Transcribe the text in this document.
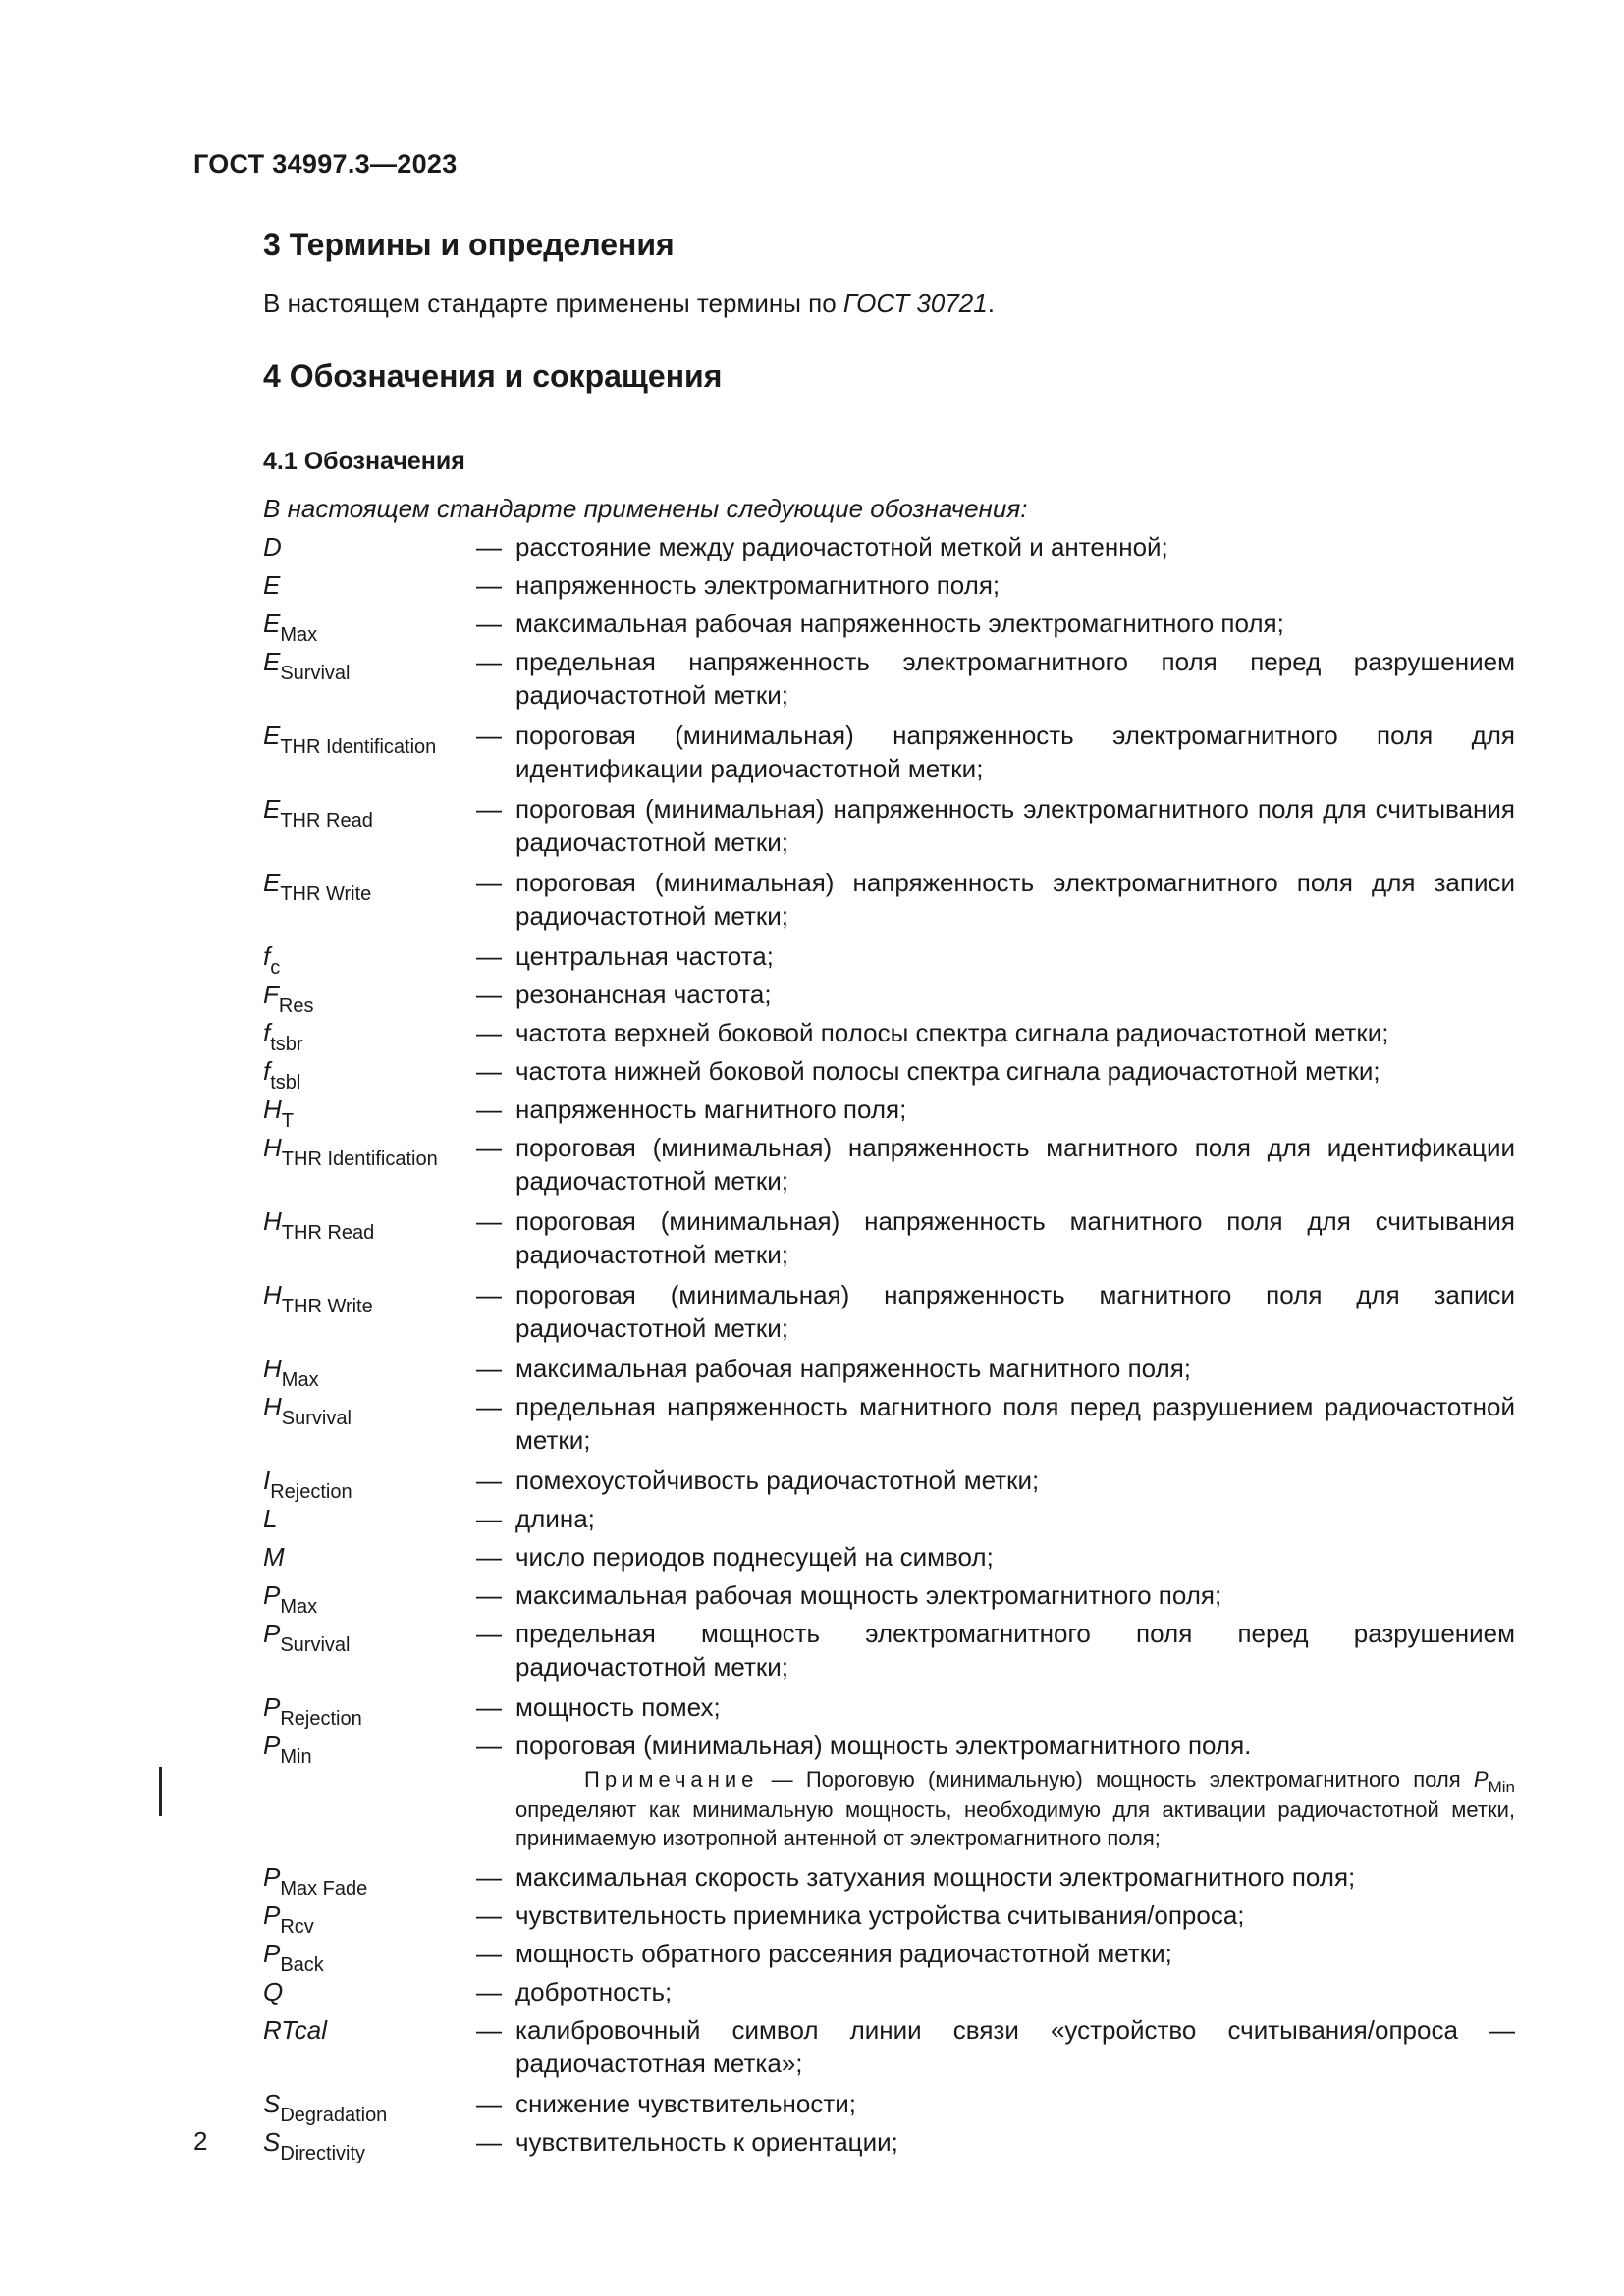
ГОСТ 34997.3—2023
3 Термины и определения
В настоящем стандарте применены термины по ГОСТ 30721.
4 Обозначения и сокращения
4.1 Обозначения
В настоящем стандарте применены следующие обозначения:
D	— расстояние между радиочастотной меткой и антенной;
E	— напряженность электромагнитного поля;
$E_{Max}$	— максимальная рабочая напряженность электромагнитного поля;
$E_{Survival}$	— предельная напряженность электромагнитного поля перед разрушением радиочастотной метки;
$E_{THR Identification}$	— пороговая (минимальная) напряженность электромагнитного поля для идентификации радиочастотной метки;
$E_{THR Read}$	— пороговая (минимальная) напряженность электромагнитного поля для считывания радиочастотной метки;
$E_{THR Write}$	— пороговая (минимальная) напряженность электромагнитного поля для записи радиочастотной метки;
$f_c$	— центральная частота;
$F_{Res}$	— резонансная частота;
$f_{tsbr}$	— частота верхней боковой полосы спектра сигнала радиочастотной метки;
$f_{tsbl}$	— частота нижней боковой полосы спектра сигнала радиочастотной метки;
$H_T$	— напряженность магнитного поля;
$H_{THR Identification}$	— пороговая (минимальная) напряженность магнитного поля для идентификации радиочастотной метки;
$H_{THR Read}$	— пороговая (минимальная) напряженность магнитного поля для считывания радиочастотной метки;
$H_{THR Write}$	— пороговая (минимальная) напряженность магнитного поля для записи радиочастотной метки;
$H_{Max}$	— максимальная рабочая напряженность магнитного поля;
$H_{Survival}$	— предельная напряженность магнитного поля перед разрушением радиочастотной метки;
$I_{Rejection}$	— помехоустойчивость радиочастотной метки;
L	— длина;
M	— число периодов поднесущей на символ;
$P_{Max}$	— максимальная рабочая мощность электромагнитного поля;
$P_{Survival}$	— предельная мощность электромагнитного поля перед разрушением радиочастотной метки;
$P_{Rejection}$	— мощность помех;
$P_{Min}$	— пороговая (минимальная) мощность электромагнитного поля.
Примечание — Пороговую (минимальную) мощность электромагнитного поля $P_{Min}$ определяют как минимальную мощность, необходимую для активации радиочастотной метки, принимаемую изотропной антенной от электромагнитного поля;
$P_{Max Fade}$	— максимальная скорость затухания мощности электромагнитного поля;
$P_{Rcv}$	— чувствительность приемника устройства считывания/опроса;
$P_{Back}$	— мощность обратного рассеяния радиочастотной метки;
Q	— добротность;
RTcal	— калибровочный символ линии связи «устройство считывания/опроса — радиочастотная метка»;
$S_{Degradation}$	— снижение чувствительности;
$S_{Directivity}$	— чувствительность к ориентации;
2
